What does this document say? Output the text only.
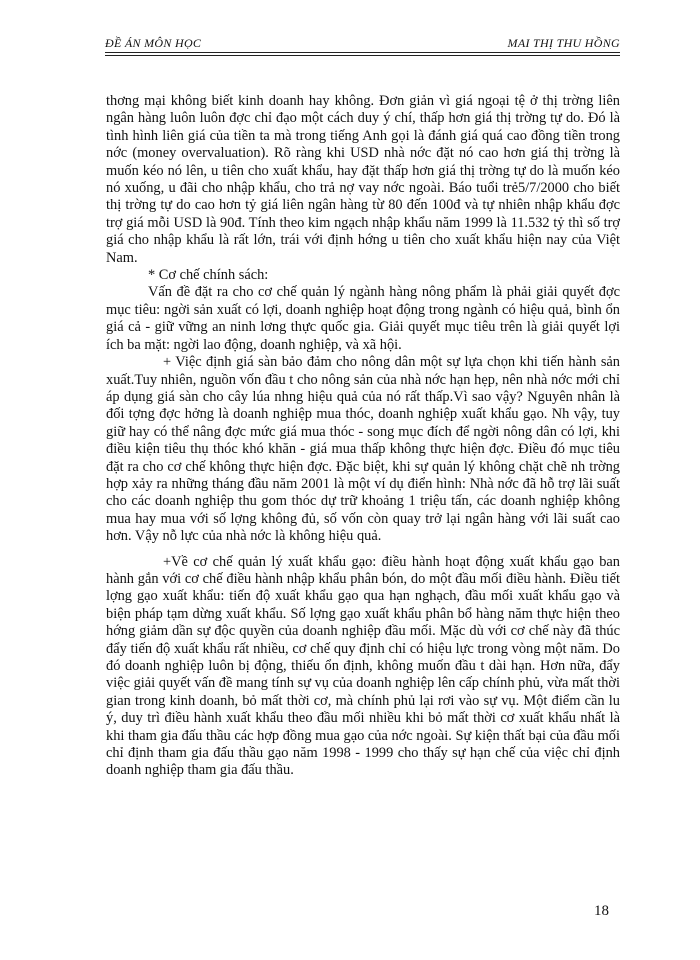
ĐỀ ÁN MÔN HỌC	MAI THỊ THU HỒNG

thơng mại không biết kinh doanh hay không. Đơn giản vì giá ngoại tệ ở thị trờng liên ngân hàng luôn luôn đợc chỉ đạo một cách duy ý chí, thấp hơn giá thị trờng tự do. Đó là tình hình liên giá của tiền ta mà trong tiếng Anh gọi là đánh giá quá cao đồng tiền trong nớc (money overvaluation). Rõ ràng khi USD nhà nớc đặt nó cao hơn giá thị trờng là muốn kéo nó lên, u tiên cho xuất khẩu, hay đặt thấp hơn giá thị trờng tự do là muốn kéo nó xuống, u đãi cho nhập khẩu, cho trả nợ vay nớc ngoài. Báo tuổi trẻ5/7/2000 cho biết thị trờng tự do cao hơn tỷ giá liên ngân hàng từ 80 đến 100đ và tự nhiên nhập khẩu đợc trợ giá mỗi USD là 90đ. Tính theo kim ngạch nhập khẩu năm 1999 là 11.532 tỷ thì số trợ giá cho nhập khẩu là rất lớn, trái với định hớng u tiên cho xuất khẩu hiện nay của Việt Nam.

* Cơ chế chính sách:

Vấn đề đặt ra cho cơ chế quản lý ngành hàng nông phẩm là phải giải quyết đợc mục tiêu: ngời sản xuất có lợi, doanh nghiệp hoạt động trong ngành có hiệu quả, bình ổn giá cả - giữ vững an ninh lơng thực quốc gia. Giải quyết mục tiêu trên là giải quyết lợi ích ba mặt: ngời lao động, doanh nghiệp, và xã hội.

+ Việc định giá sàn bảo đảm cho nông dân một sự lựa chọn khi tiến hành sản xuất.Tuy nhiên, nguồn vốn đầu t cho nông sản của nhà nớc hạn hẹp, nên nhà nớc mới chỉ áp dụng giá sàn cho cây lúa nhng hiệu quả của nó rất thấp.Vì sao vậy? Nguyên nhân là đối tợng đợc hởng là doanh nghiệp mua thóc, doanh nghiệp xuất khẩu gạo. Nh vậy, tuy giữ hay có thể nâng đợc mức giá mua thóc - song mục đích để ngời nông dân có lợi, khi điều kiện tiêu thụ thóc khó khăn - giá mua thấp không thực hiện đợc. Điều đó mục tiêu đặt ra cho cơ chế không thực hiện đợc. Đặc biệt, khi sự quản lý không chặt chẽ nh trờng hợp xảy ra những tháng đầu năm 2001 là một ví dụ điển hình: Nhà nớc đã hỗ trợ lãi suất cho các doanh nghiệp thu gom thóc dự trữ khoảng 1 triệu tấn, các doanh nghiệp không mua hay mua với số lợng không đủ, số vốn còn quay trở lại ngân hàng với lãi suất cao hơn. Vậy nỗ lực của nhà nớc là không hiệu quả.

+Về cơ chế quản lý xuất khẩu gạo: điều hành hoạt động xuất khẩu gạo ban hành gắn với cơ chế điều hành nhập khẩu phân bón, do một đầu mối điều hành. Điều tiết lợng gạo xuất khẩu: tiến độ xuất khẩu gạo qua hạn nghạch, đầu mối xuất khẩu gạo và biện pháp tạm dừng xuất khẩu. Số lợng gạo xuất khẩu phân bổ hàng năm thực hiện theo hớng giảm dần sự độc quyền của doanh nghiệp đầu mối. Mặc dù với cơ chế này đã thúc đẩy tiến độ xuất khẩu rất nhiều, cơ chế quy định chỉ có hiệu lực trong vòng một năm. Do đó doanh nghiệp luôn bị động, thiếu ổn định, không muốn đầu t dài hạn. Hơn nữa, đẩy việc giải quyết vấn đề mang tính sự vụ của doanh nghiệp lên cấp chính phủ, vừa mất thời gian trong kinh doanh, bỏ mất thời cơ, mà chính phủ lại rơi vào sự vụ. Một điểm cần lu ý, duy trì điều hành xuất khẩu theo đầu mối nhiều khi bỏ mất thời cơ xuất khẩu nhất là khi tham gia đấu thầu các hợp đồng mua gạo của nớc ngoài. Sự kiện thất bại của đầu mối chỉ định tham gia đấu thầu gạo năm 1998 - 1999 cho thấy sự hạn chế của việc chỉ định doanh nghiệp tham gia đấu thầu.

18
